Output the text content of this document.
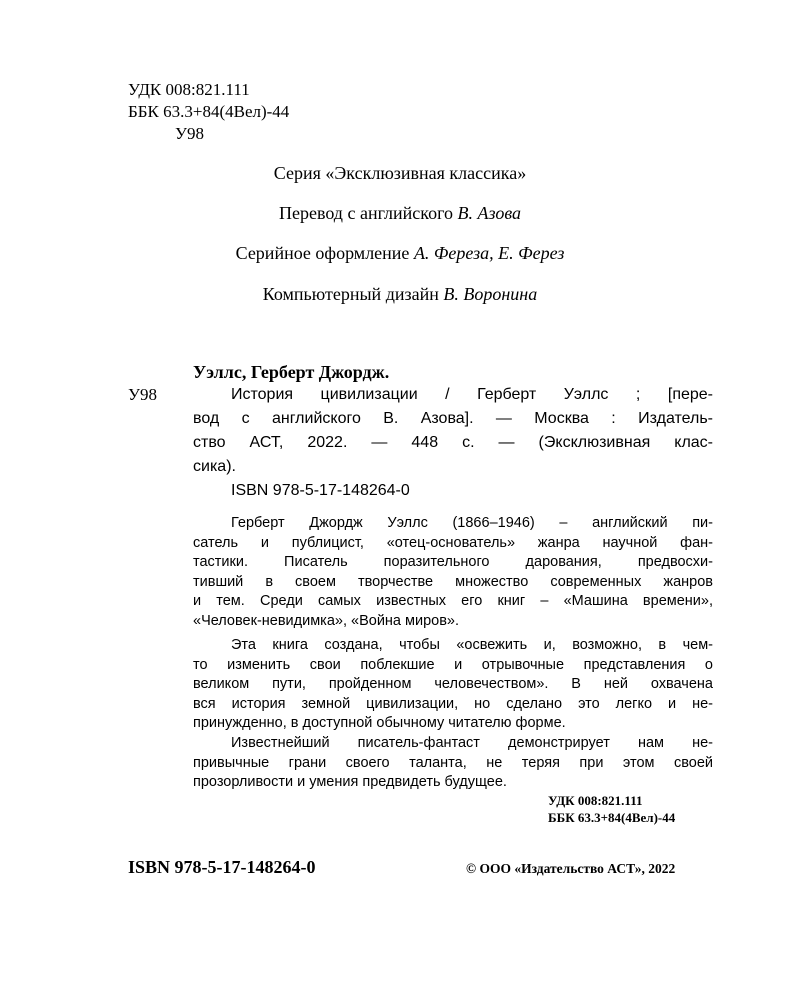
УДК 008:821.111
ББК 63.3+84(4Вел)-44
У98
Серия «Эксклюзивная классика»
Перевод с английского В. Азова
Серийное оформление А. Фереза, Е. Ферез
Компьютерный дизайн В. Воронина
Уэллс, Герберт Джордж.
У98	История цивилизации / Герберт Уэллс ; [пере-
вод с английского В. Азова]. — Москва : Издатель-
ство АСТ, 2022. — 448 с. — (Эксклюзивная клас-
сика).
ISBN 978-5-17-148264-0
Герберт Джордж Уэллс (1866–1946) – английский пи-
сатель и публицист, «отец-основатель» жанра научной фан-
тастики. Писатель поразительного дарования, предвосхи-
тивший в своем творчестве множество современных жанров
и тем. Среди самых известных его книг – «Машина времени»,
«Человек-невидимка», «Война миров».
Эта книга создана, чтобы «освежить и, возможно, в чем-
то изменить свои поблекшие и отрывочные представления о
великом пути, пройденном человечеством». В ней охвачена
вся история земной цивилизации, но сделано это легко и не-
принужденно, в доступной обычному читателю форме.
Известнейший писатель-фантаст демонстрирует нам не-
привычные грани своего таланта, не теряя при этом своей
прозорливости и умения предвидеть будущее.
УДК 008:821.111
ББК 63.3+84(4Вел)-44
ISBN 978-5-17-148264-0	© ООО «Издательство АСТ», 2022
